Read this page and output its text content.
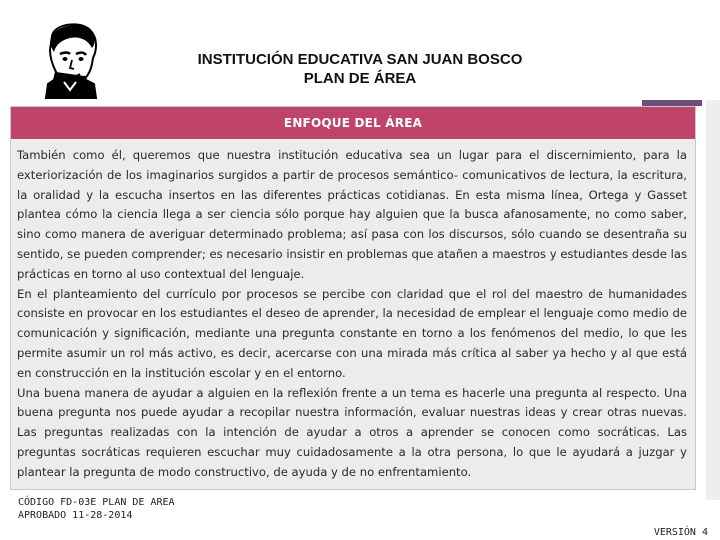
INSTITUCIÓN EDUCATIVA SAN JUAN BOSCO
PLAN DE ÁREA
ENFOQUE DEL ÁREA

También como él, queremos que nuestra institución educativa sea un lugar para el discernimiento, para la exteriorización de los imaginarios surgidos a partir de procesos semántico- comunicativos de lectura, la escritura, la oralidad y la escucha insertos en las diferentes prácticas cotidianas. En esta misma línea, Ortega y Gasset plantea cómo la ciencia llega a ser ciencia sólo porque hay alguien que la busca afanosamente, no como saber, sino como manera de averiguar determinado problema; así pasa con los discursos, sólo cuando se desentraña su sentido, se pueden comprender; es necesario insistir en problemas que atañen a maestros y estudiantes desde las prácticas en torno al uso contextual del lenguaje.

En el planteamiento del currículo por procesos se percibe con claridad que el rol del maestro de humanidades consiste en provocar en los estudiantes el deseo de aprender, la necesidad de emplear el lenguaje como medio de comunicación y significación, mediante una pregunta constante en torno a los fenómenos del medio, lo que les permite asumir un rol más activo, es decir, acercarse con una mirada más crítica al saber ya hecho y al que está en construcción en la institución escolar y en el entorno.

Una buena manera de ayudar a alguien en la reflexión frente a un tema es hacerle una pregunta al respecto. Una buena pregunta nos puede ayudar a recopilar nuestra información, evaluar nuestras ideas y crear otras nuevas. Las preguntas realizadas con la intención de ayudar a otros a aprender se conocen como socráticas. Las preguntas socráticas requieren escuchar muy cuidadosamente a la otra persona, lo que le ayudará a juzgar y plantear la pregunta de modo constructivo, de ayuda y de no enfrentamiento.

CÓDIGO FD-03E PLAN DE AREA
APROBADO 11-28-2014
VERSIÓN 4
